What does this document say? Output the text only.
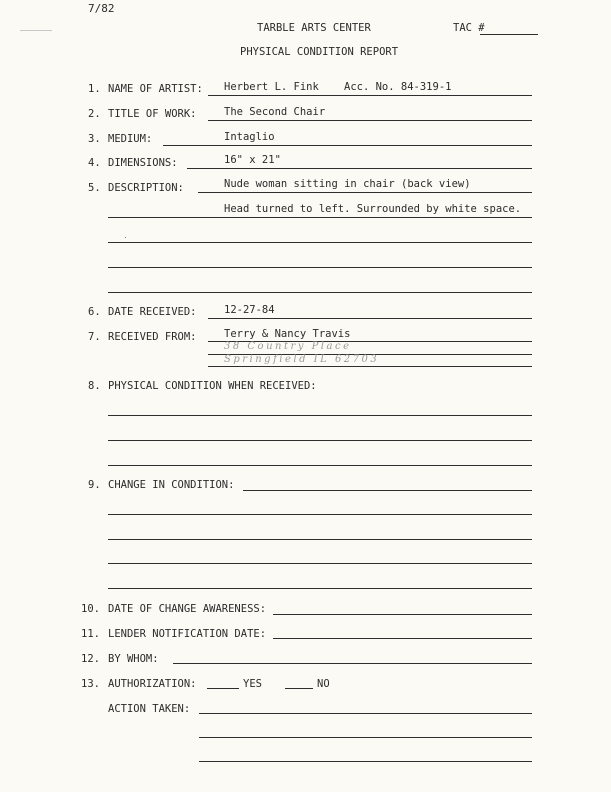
7/82
TARBLE ARTS CENTER	TAC #
PHYSICAL CONDITION REPORT
1. NAME OF ARTIST: Herbert L. Fink Acc. No. 84-319-1
2. TITLE OF WORK:	The Second Chair
3. MEDIUM:	Intaglio
4. DIMENSIONS:	16" x 21"
5. DESCRIPTION:	Nude woman sitting in chair (back view)
Head turned to left. Surrounded by white space.
6. DATE RECEIVED:	12-27-84
7. RECEIVED FROM:	Terry & Nancy Travis
38 Country Place
Springfield IL 62703
8. PHYSICAL CONDITION WHEN RECEIVED:
9. CHANGE IN CONDITION:
10. DATE OF CHANGE AWARENESS:
11. LENDER NOTIFICATION DATE:
12. BY WHOM:
13. AUTHORIZATION:	YES	NO
ACTION TAKEN:
